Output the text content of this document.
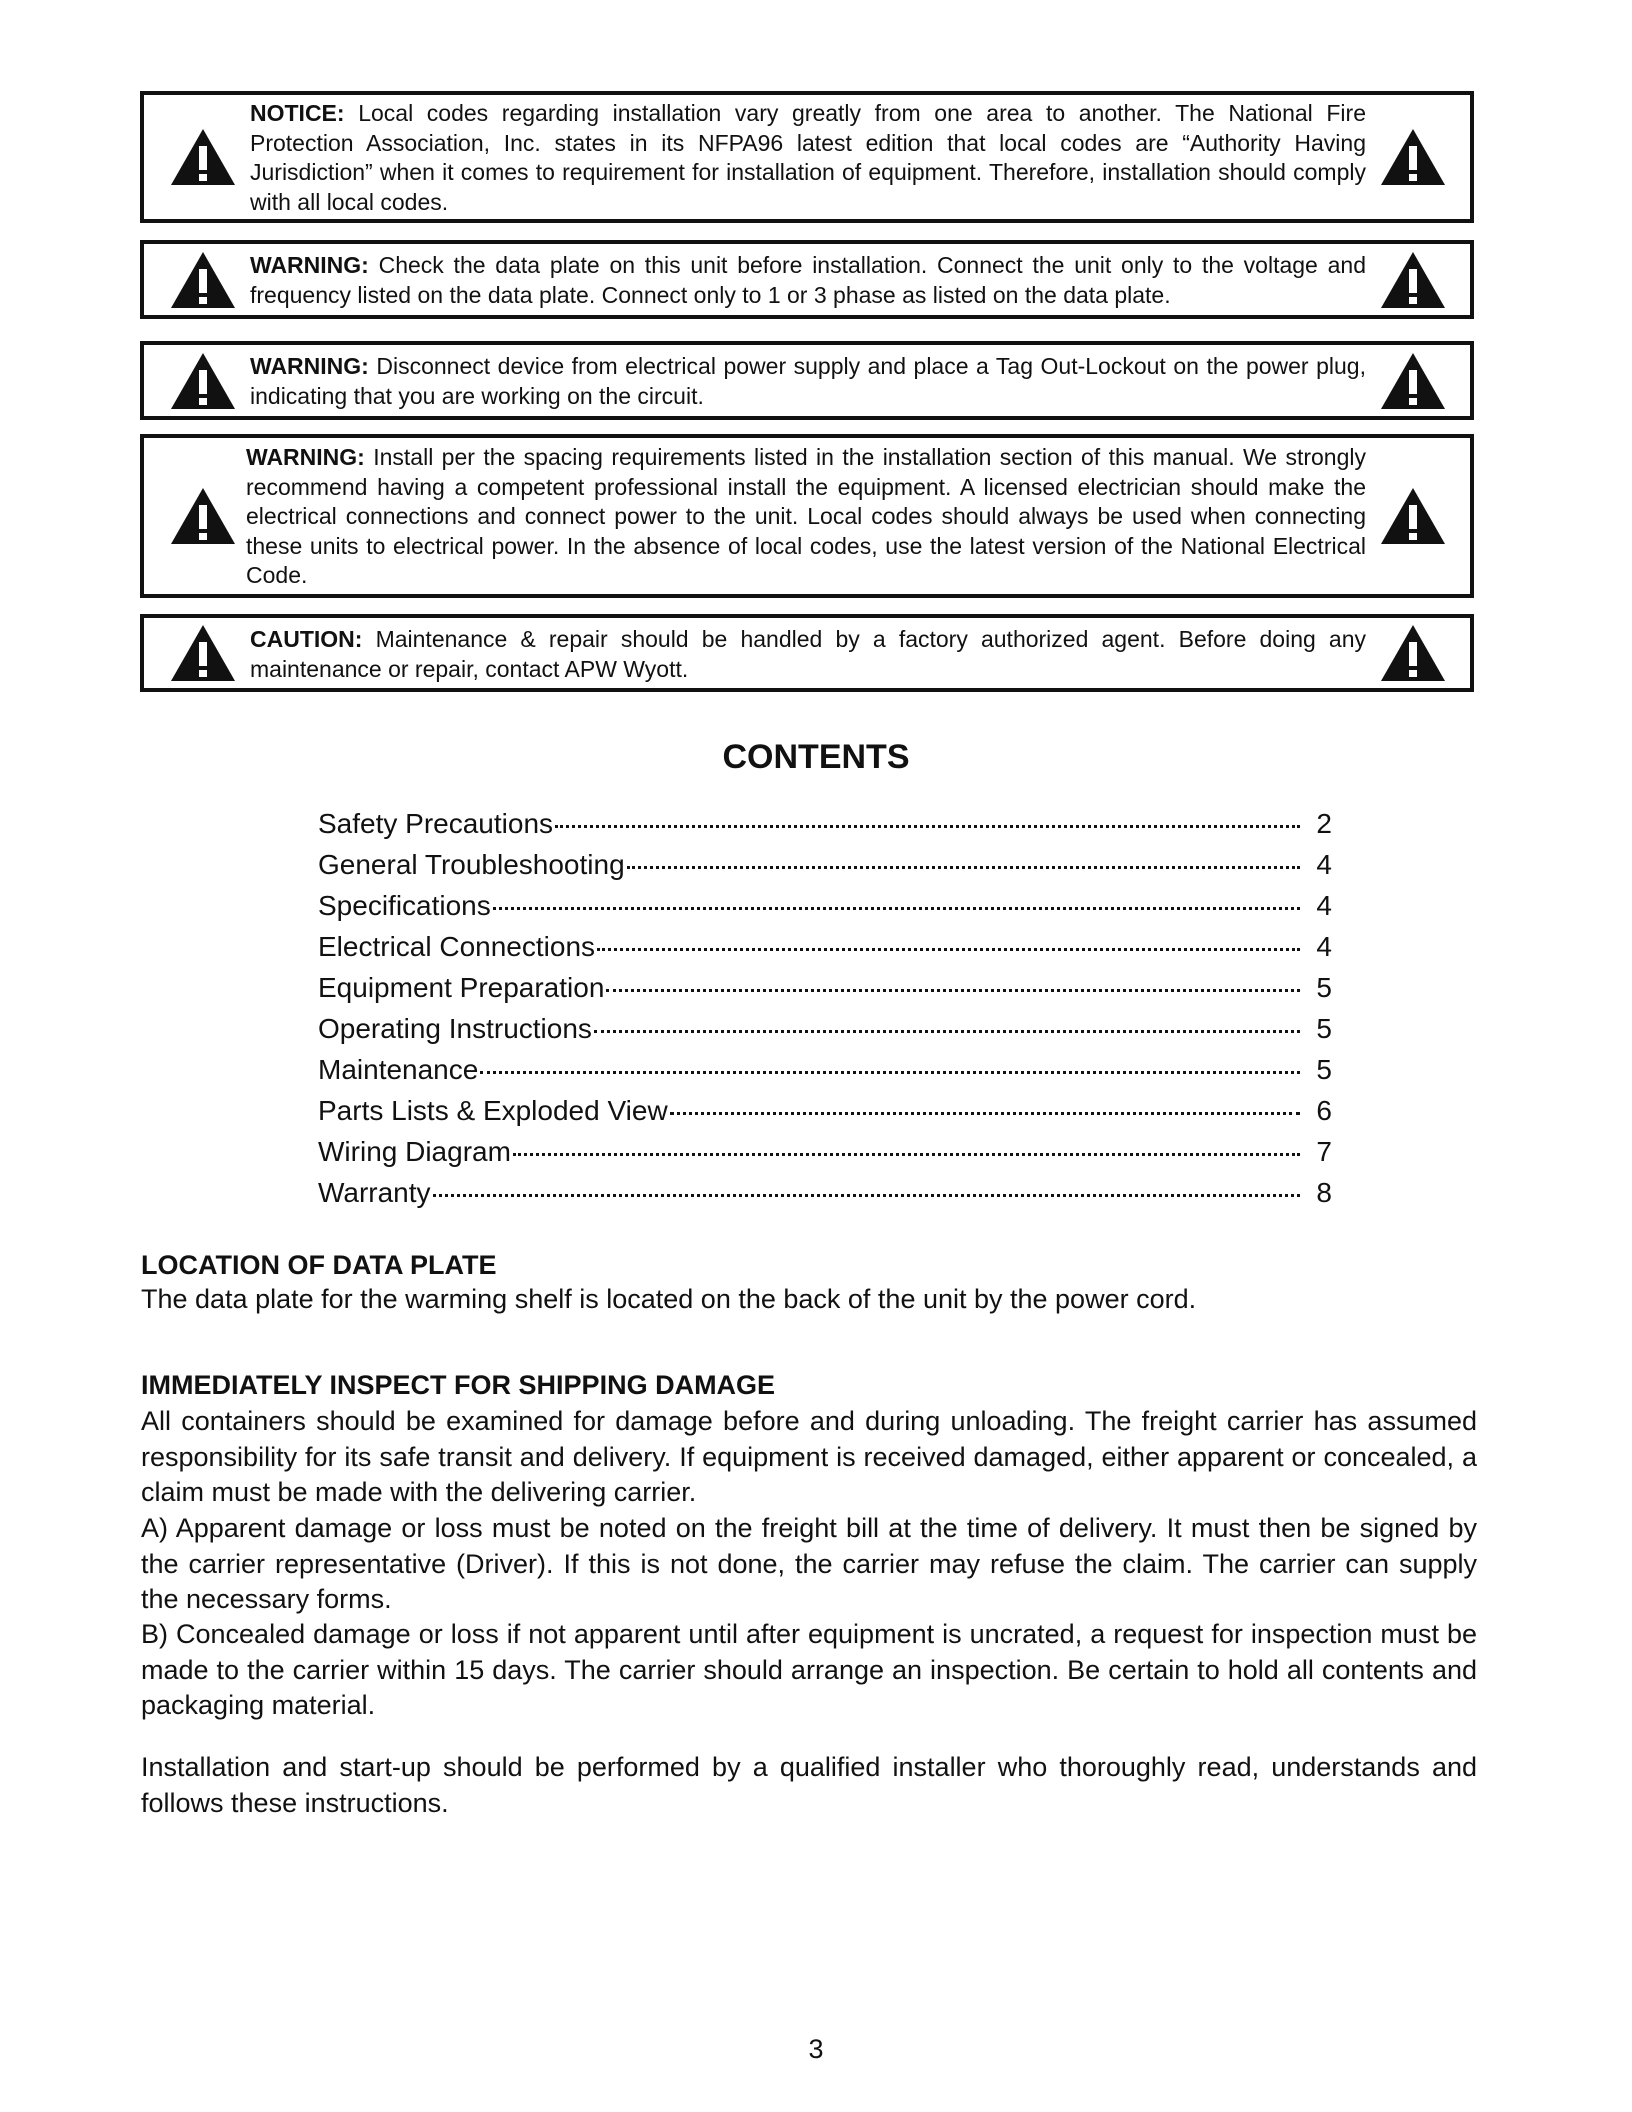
NOTICE: Local codes regarding installation vary greatly from one area to another. The National Fire Protection Association, Inc. states in its NFPA96 latest edition that local codes are “Authority Having Jurisdiction” when it comes to requirement for installation of equipment. Therefore, installation should comply with all local codes.
WARNING: Check the data plate on this unit before installation. Connect the unit only to the voltage and frequency listed on the data plate. Connect only to 1 or 3 phase as listed on the data plate.
WARNING: Disconnect device from electrical power supply and place a Tag Out-Lockout on the power plug, indicating that you are working on the circuit.
WARNING: Install per the spacing requirements listed in the installation section of this manual. We strongly recommend having a competent professional install the equipment. A licensed electrician should make the electrical connections and connect power to the unit. Local codes should always be used when connecting these units to electrical power. In the absence of local codes, use the latest version of the National Electrical Code.
CAUTION: Maintenance & repair should be handled by a factory authorized agent. Before doing any maintenance or repair, contact APW Wyott.
CONTENTS
Safety Precautions	2
General Troubleshooting	4
Specifications	4
Electrical Connections	4
Equipment Preparation	5
Operating Instructions	5
Maintenance	5
Parts Lists & Exploded View	6
Wiring Diagram	7
Warranty	8
LOCATION OF DATA PLATE

The data plate for the warming shelf is located on the back of the unit by the power cord.

IMMEDIATELY INSPECT FOR SHIPPING DAMAGE

All containers should be examined for damage before and during unloading. The freight carrier has assumed responsibility for its safe transit and delivery. If equipment is received damaged, either apparent or concealed, a claim must be made with the delivering carrier.

A) Apparent damage or loss must be noted on the freight bill at the time of delivery. It must then be signed by the carrier representative (Driver). If this is not done, the carrier may refuse the claim. The carrier can supply the necessary forms.

B) Concealed damage or loss if not apparent until after equipment is uncrated, a request for inspection must be made to the carrier within 15 days. The carrier should arrange an inspection. Be certain to hold all contents and packaging material.

Installation and start-up should be performed by a qualified installer who thoroughly read, understands and follows these instructions.

3
